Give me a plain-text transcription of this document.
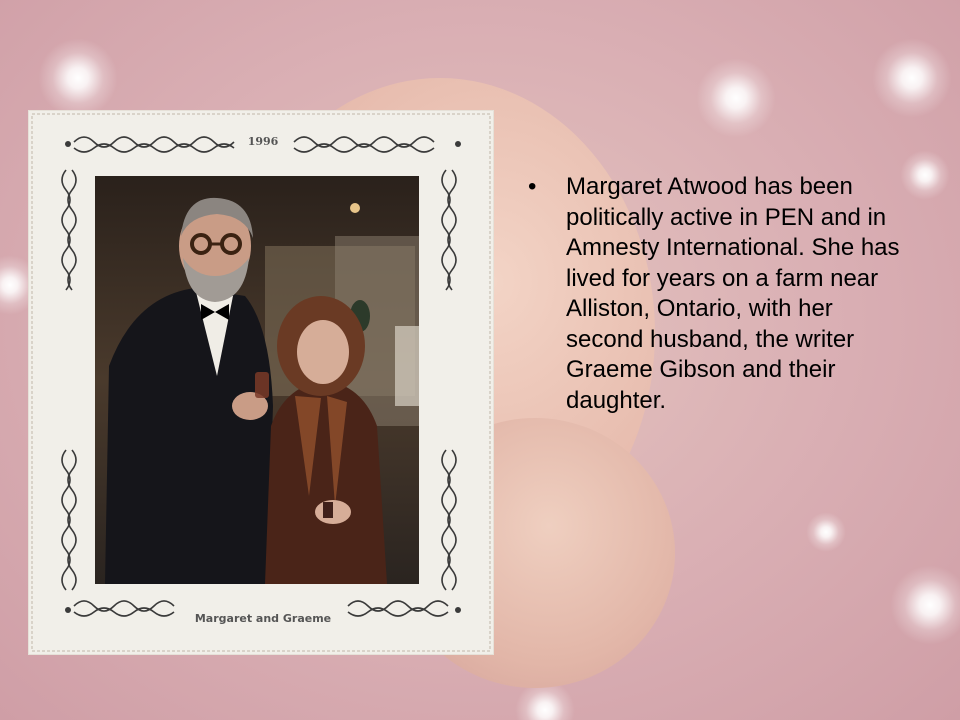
1996
Margaret and Graeme
•	Margaret Atwood has been politically active in PEN and in Amnesty International. She has lived for years on a farm near Alliston, Ontario, with her second husband, the writer Graeme Gibson and their daughter.
